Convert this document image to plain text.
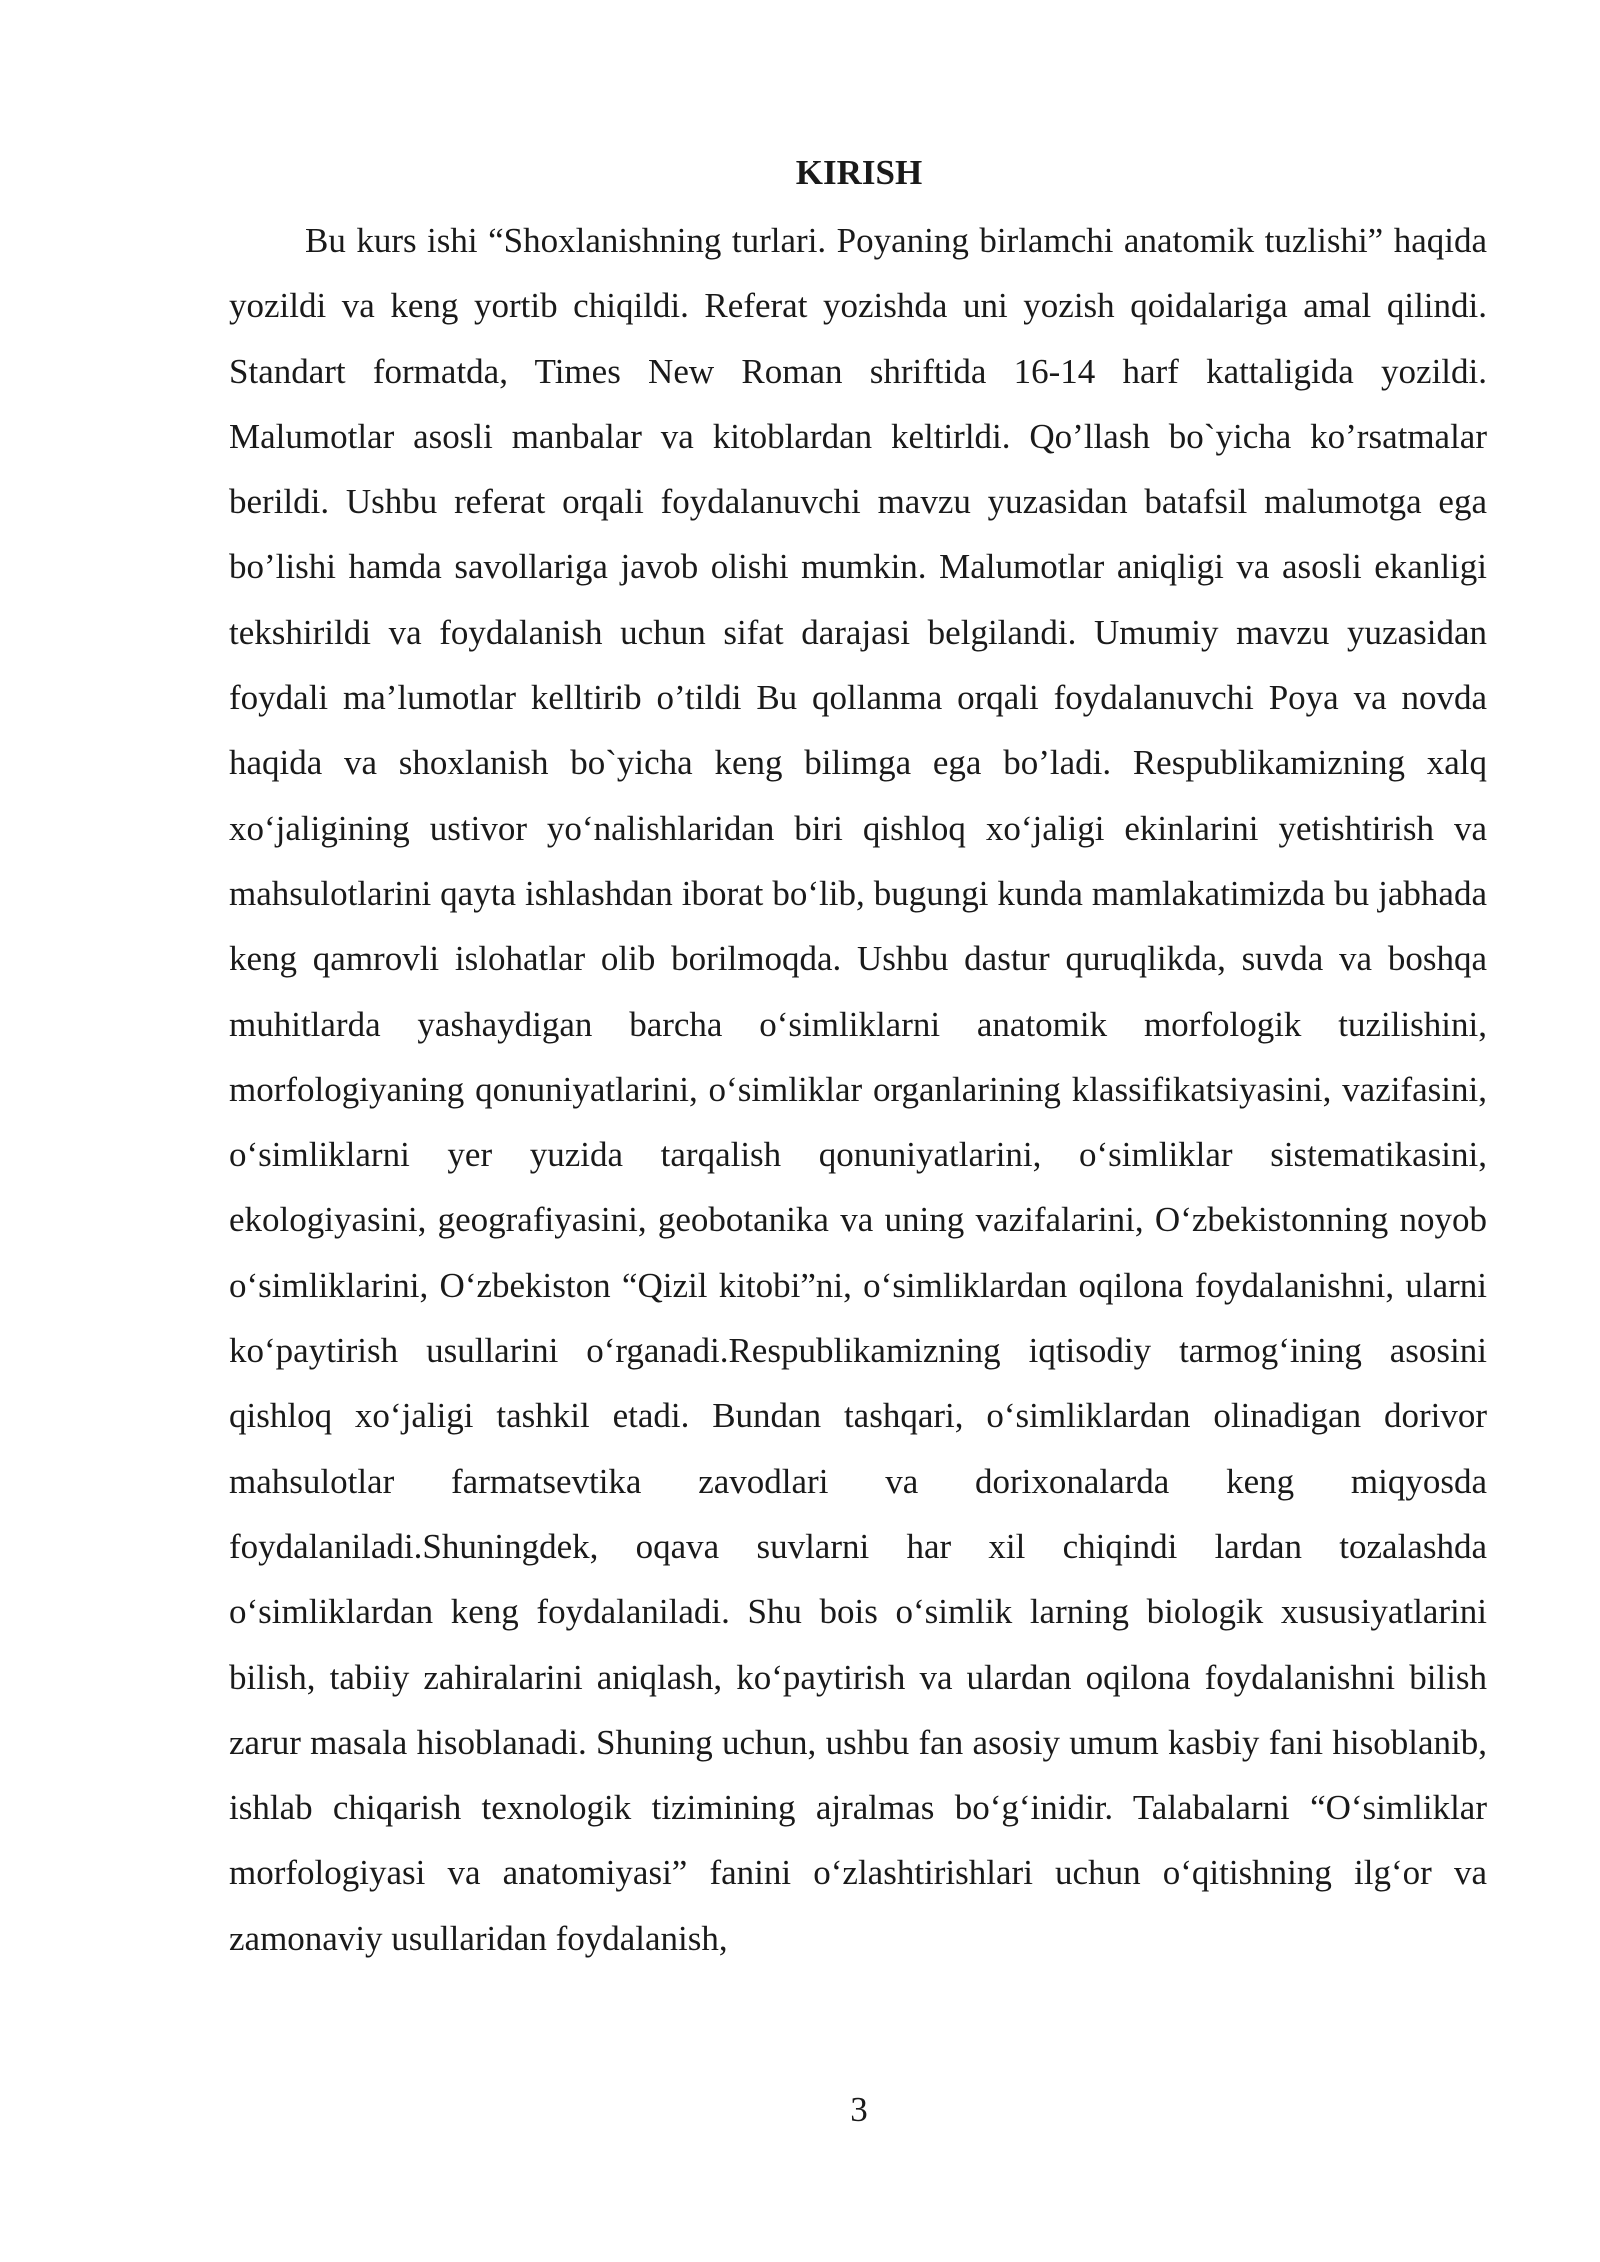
KIRISH

Bu kurs ishi “Shoxlanishning turlari. Poyaning birlamchi anatomik tuzlishi” haqida yozildi va keng yortib chiqildi. Referat yozishda uni yozish qoidalariga amal qilindi. Standart formatda, Times New Roman shriftida 16-14 harf kattaligida yozildi. Malumotlar asosli manbalar va kitoblardan keltirldi. Qo’llash bo`yicha ko’rsatmalar berildi. Ushbu referat orqali foydalanuvchi mavzu yuzasidan batafsil malumotga ega bo’lishi hamda savollariga javob olishi mumkin. Malumotlar aniqligi va asosli ekanligi tekshirildi va foydalanish uchun sifat darajasi belgilandi. Umumiy mavzu yuzasidan foydali ma’lumotlar kelltirib o’tildi Bu qollanma orqali foydalanuvchi Poya va novda haqida va shoxlanish bo`yicha keng bilimga ega bo’ladi. Respublikamizning xalq xo‘jaligining ustivor yo‘nalishlaridan biri qishloq xo‘jaligi ekinlarini yetishtirish va mahsulotlarini qayta ishlashdan iborat bo‘lib, bugungi kunda mamlakatimizda bu jabhada keng qamrovli islohatlar olib borilmoqda. Ushbu dastur quruqlikda, suvda va boshqa muhitlarda yashaydigan barcha o‘simliklarni anatomik morfologik tuzilishini, morfologiyaning qonuniyatlarini, o‘simliklar organlarining klassifikatsiyasini, vazifasini, o‘simliklarni yer yuzida tarqalish qonuniyatlarini, o‘simliklar sistematikasini, ekologiyasini, geografiyasini, geobotanika va uning vazifalarini, O‘zbekistonning noyob o‘simliklarini, O‘zbekiston “Qizil kitobi”ni, o‘simliklardan oqilona foydalanishni, ularni ko‘paytirish usullarini o‘rganadi.Respublikamizning iqtisodiy tarmog‘ining asosini qishloq xo‘jaligi tashkil etadi. Bundan tashqari, o‘simliklardan olinadigan dorivor mahsulotlar farmatsevtika zavodlari va dorixonalarda keng miqyosda foydalaniladi.Shuningdek, oqava suvlarni har xil chiqindi lardan tozalashda o‘simliklardan keng foydalaniladi. Shu bois o‘simlik larning biologik xususiyatlarini bilish, tabiiy zahiralarini aniqlash, ko‘paytirish va ulardan oqilona foydalanishni bilish zarur masala hisoblanadi. Shuning uchun, ushbu fan asosiy umum kasbiy fani hisoblanib, ishlab chiqarish texnologik tizimining ajralmas bo‘g‘inidir. Talabalarni “O‘simliklar morfologiyasi va anatomiyasi” fanini o‘zlashtirishlari uchun o‘qitishning ilg‘or va zamonaviy usullaridan foydalanish,

3
